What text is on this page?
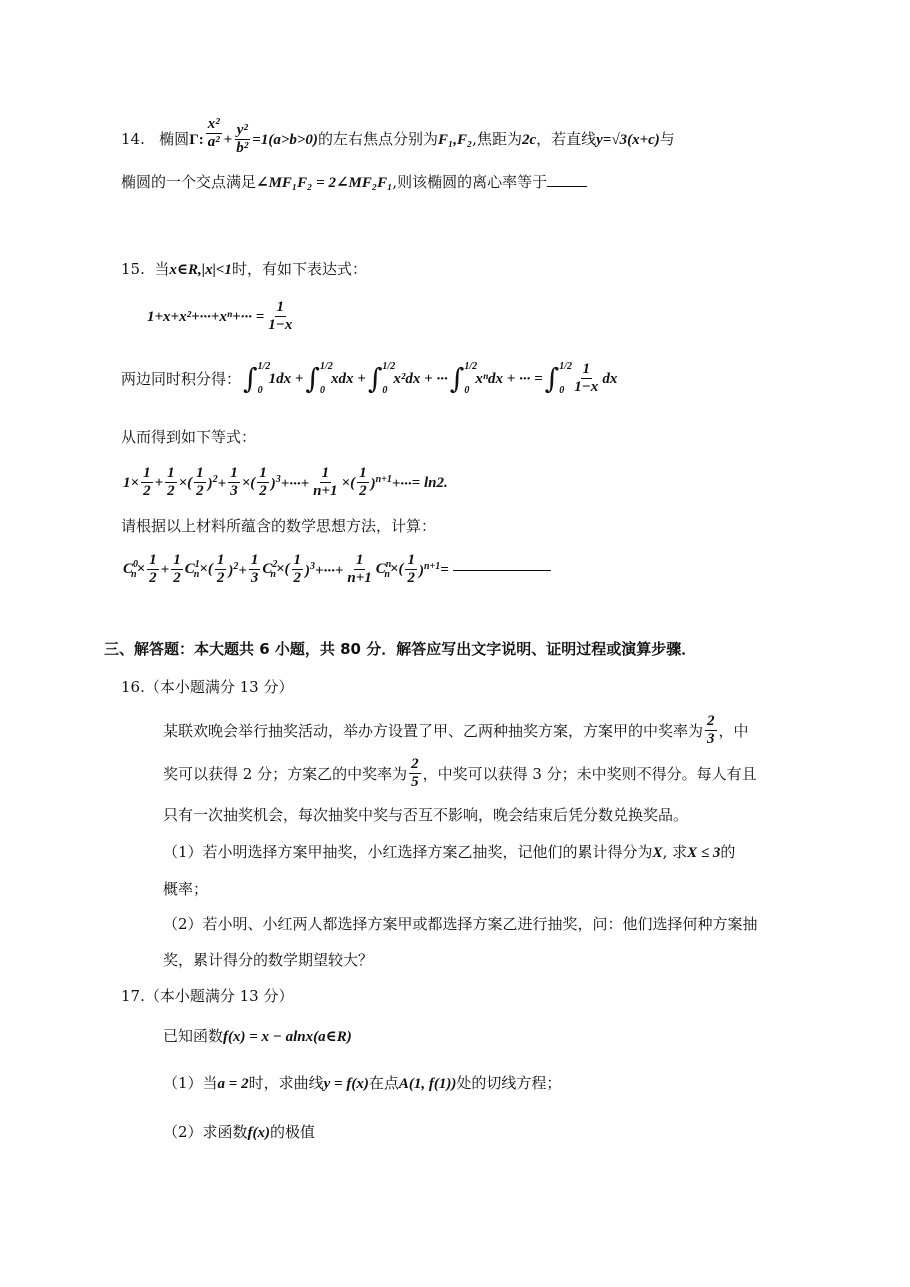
14. 椭圆Γ: $\frac{\text{x²}}{\text{a²}} + \frac{\text{y²}}{\text{b²}} =1(a>b>0)$的左右焦点分别为F₁,F₂,焦距为2c，若直线y=√3(x+c)与
椭圆的一个交点满足∠MF₁F₂ = 2∠MF₂F₁,则该椭圆的离心率等于
15. 当x∈R,|x|<1时，有如下表达式：
$1+x+x^2+\cdot\cdot\cdot+x^n+\cdot\cdot\cdot = \frac{1}{1-x}$
两边同时积分得： ∫ 1/2
0
1dx + ∫ 1/2
0
xdx + ∫ 1/2
0
x²dx + ··· ∫ 1/2
0
xⁿdx + ··· = ∫ 1/2
$0 \frac{1}{1-x}$ dx
从而得到如下等式：
$1\times \frac{1}{2} + \frac{1}{2}$ ×( $\frac{1}{2} )^2+ \frac{1}{3}$ ×( $\frac{1}{2} )^3+\cdot\cdot\cdot+ \frac{1}{n+1}$ ×( $\frac{1}{2} )^{n+1}+\cdot\cdot\cdot = \ln 2$.
请根据以上材料所蕴含的数学思想方法，计算：
$C^0_n\times \frac{1}{2} + \frac{1}{2} C^1_n\times( \frac{1}{2} )^2+ \frac{1}{3} C^2_n\times( \frac{1}{2} )^3+\cdot\cdot\cdot+ \frac{1}{n+1} C^n_n\times( \frac{1}{2} )^{n+1}$ =
三、解答题：本大题共 6 小题，共 80 分．解答应写出文字说明、证明过程或演算步骤．
16.（本小题满分 13 分）
某联欢晚会举行抽奖活动，举办方设置了甲、乙两种抽奖方案，方案甲的中奖率为 $\frac{2}{3}$ ，中
奖可以获得 2 分；方案乙的中奖率为 $\frac{2}{5}$ ，中奖可以获得 3 分；未中奖则不得分。每人有且
只有一次抽奖机会，每次抽奖中奖与否互不影响，晚会结束后凭分数兑换奖品。
（1）若小明选择方案甲抽奖，小红选择方案乙抽奖，记他们的累计得分为X, 求X ≤ 3的
概率；
（2）若小明、小红两人都选择方案甲或都选择方案乙进行抽奖，问：他们选择何种方案抽
奖，累计得分的数学期望较大？
17.（本小题满分 13 分）
已知函数f(x) = x − alnx(a∈R)
（1）当a = 2时，求曲线y = f(x)在点A(1, f(1))处的切线方程；
（2）求函数f(x)的极值
